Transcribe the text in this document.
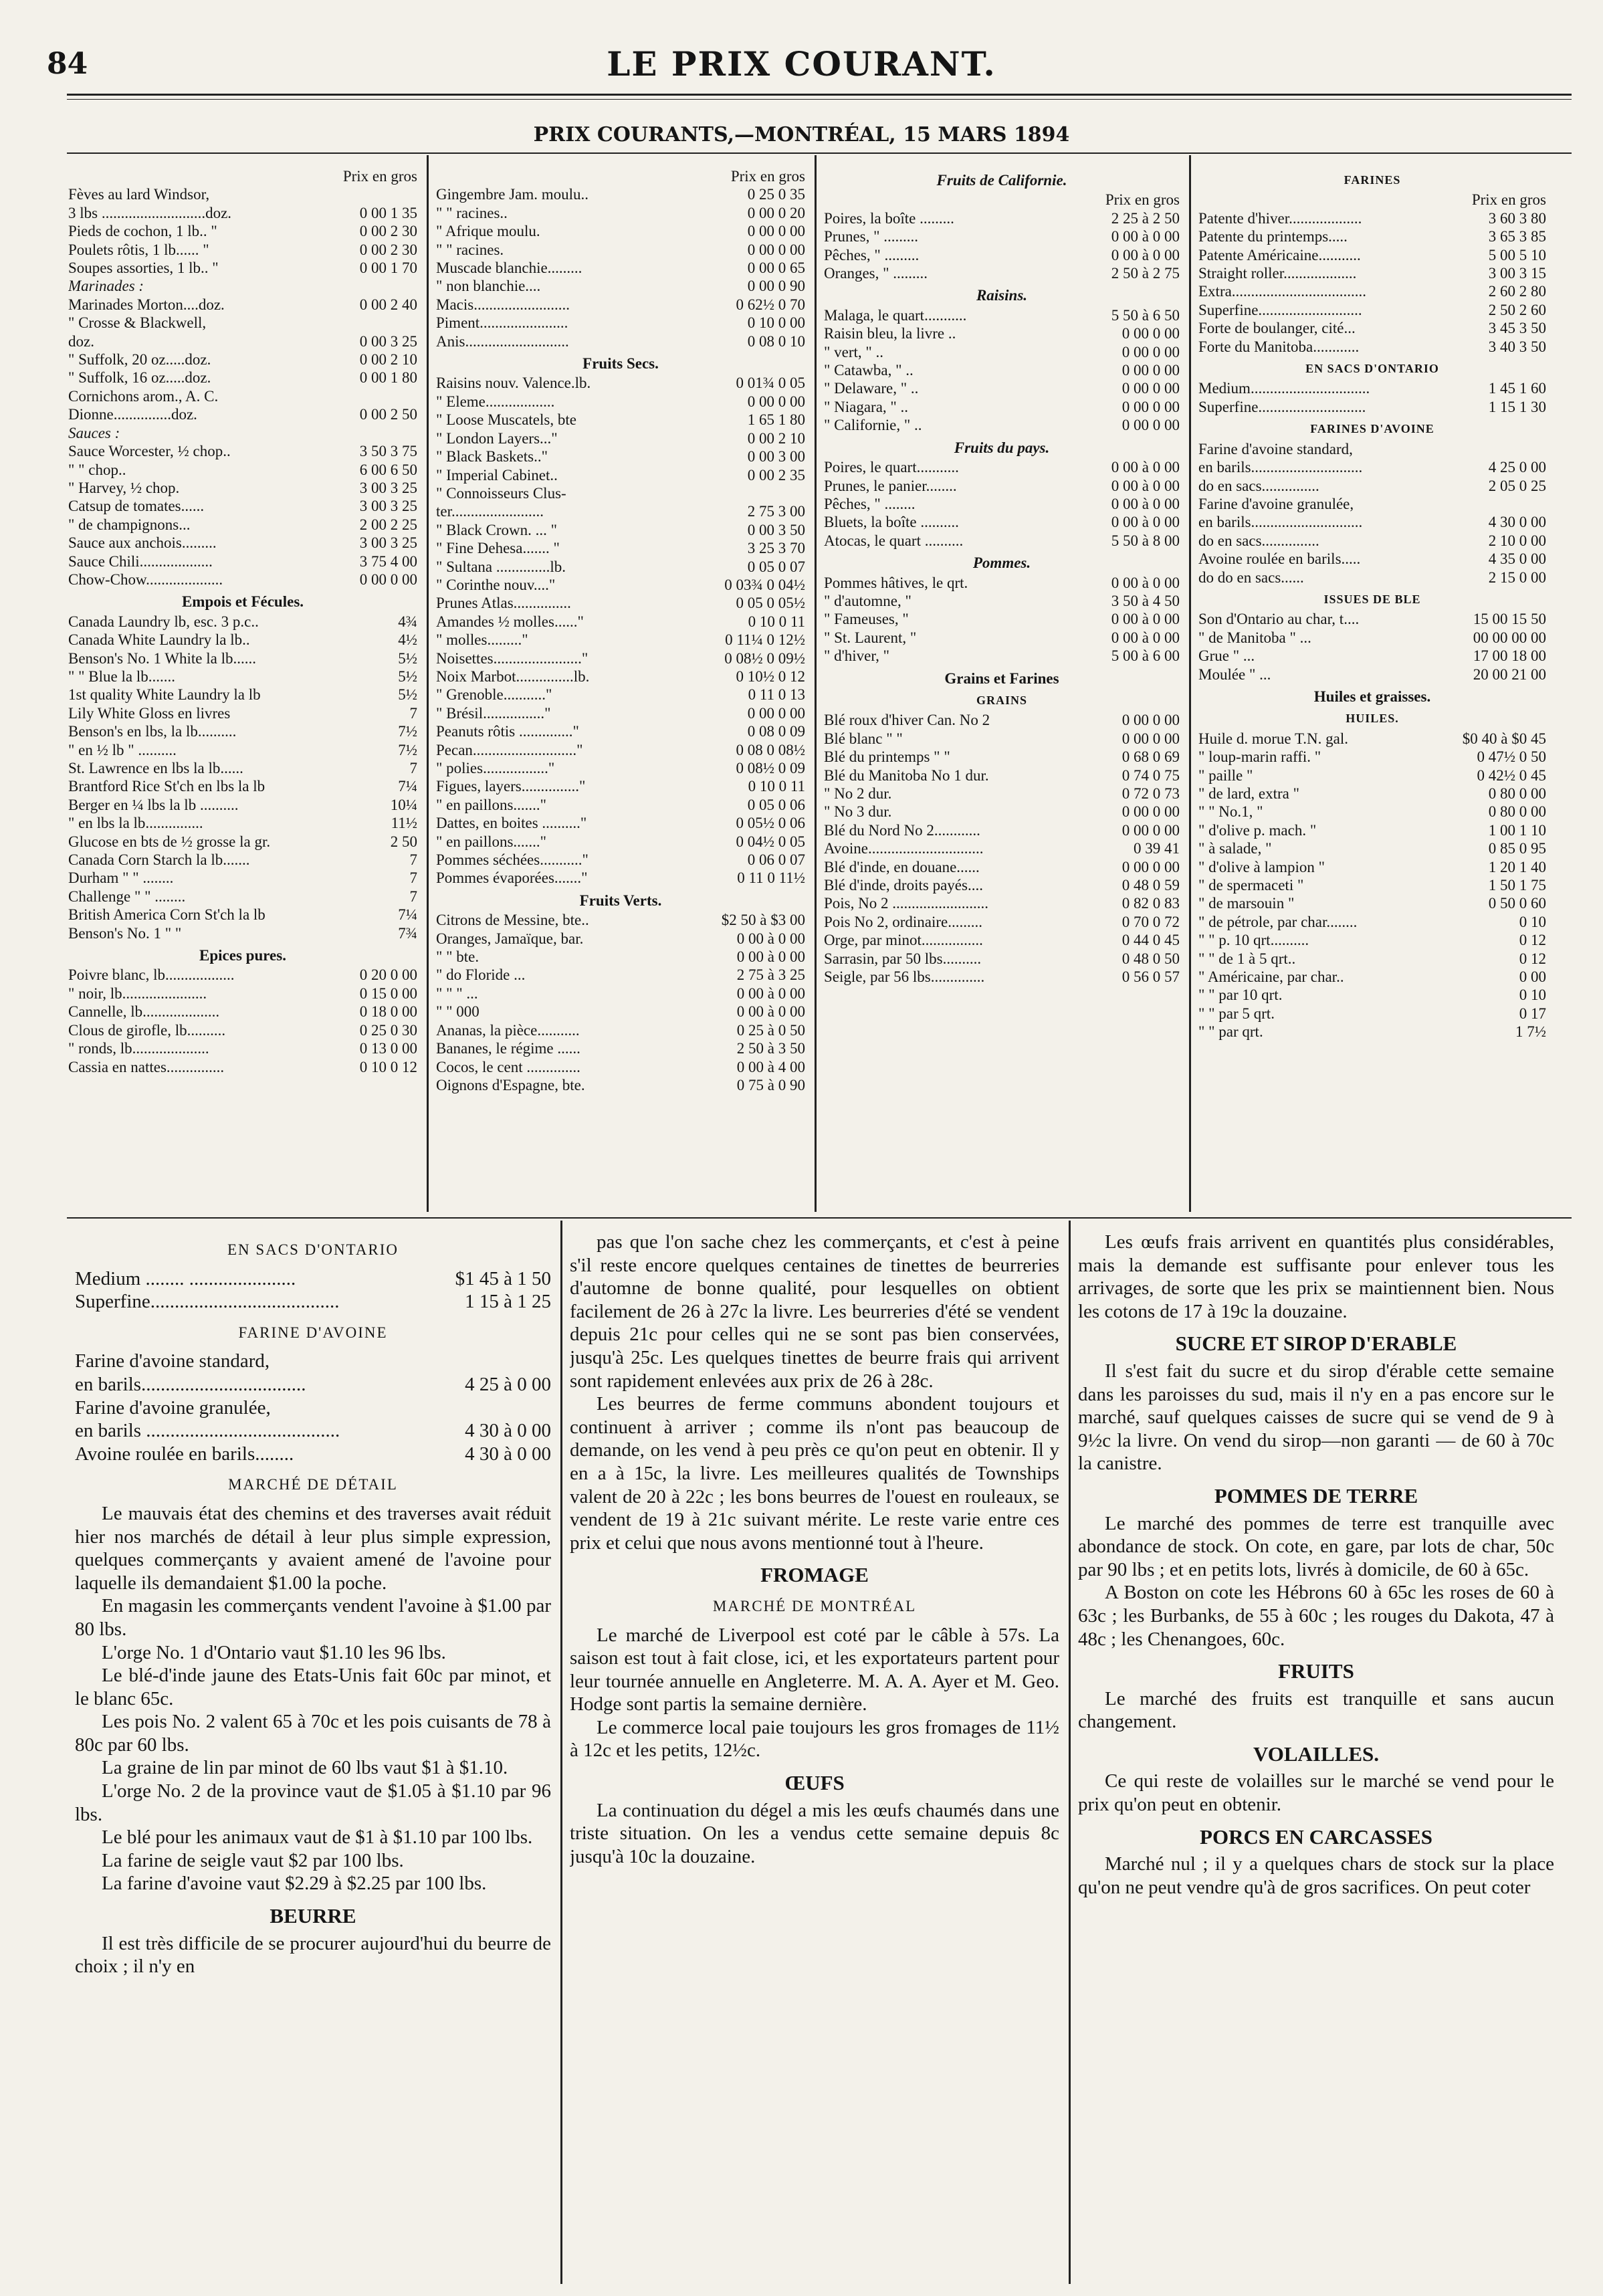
84	LE PRIX COURANT.
PRIX COURANTS,—MONTRÉAL, 15 MARS 1894
Prix en gros
Fèves au lard Windsor,
3 lbs ...........................doz.	0 00 1 35
Pieds de cochon, 1 lb.. "	0 00 2 30
Poulets rôtis, 1 lb...... "	0 00 2 30
Soupes assorties, 1 lb.. "	0 00 1 70
Marinades :
Marinades Morton....doz.	0 00 2 40
" Crosse & Blackwell,
doz.	0 00 3 25
" Suffolk, 20 oz.....doz.	0 00 2 10
" Suffolk, 16 oz.....doz.	0 00 1 80
Cornichons arom., A. C.
Dionne...............doz.	0 00 2 50
Sauces :
Sauce Worcester, ½ chop..	3 50 3 75
" " chop..	6 00 6 50
" Harvey, ½ chop.	3 00 3 25
Catsup de tomates......	3 00 3 25
" de champignons...	2 00 2 25
Sauce aux anchois.........	3 00 3 25
Sauce Chili...................	3 75 4 00
Chow-Chow....................	0 00 0 00
Empois et Fécules.
Canada Laundry lb, esc. 3 p.c..	4¾
Canada White Laundry la lb..	4½
Benson's No. 1 White la lb......	5½
" " Blue la lb.......	5½
1st quality White Laundry la lb	5½
Lily White Gloss en livres	7
Benson's en lbs, la lb..........	7½
" en ½ lb " ..........	7½
St. Lawrence en lbs la lb......	7
Brantford Rice St'ch en lbs la lb	7¼
Berger en ¼ lbs la lb ..........	10¼
" en lbs la lb...............	11½
Glucose en bts de ½ grosse la gr.	2 50
Canada Corn Starch la lb.......	7
Durham " " ........	7
Challenge " " ........	7
British America Corn St'ch la lb	7¼
Benson's No. 1 " "	7¾
Epices pures.
Poivre blanc, lb..................	0 20 0 00
" noir, lb......................	0 15 0 00
Cannelle, lb....................	0 18 0 00
Clous de girofle, lb..........	0 25 0 30
" ronds, lb....................	0 13 0 00
Cassia en nattes...............	0 10 0 12
Prix en gros
Gingembre Jam. moulu..	0 25 0 35
" " racines..	0 00 0 20
" Afrique moulu.	0 00 0 00
" " racines.	0 00 0 00
Muscade blanchie.........	0 00 0 65
" non blanchie....	0 00 0 90
Macis.........................	0 62½ 0 70
Piment.......................	0 10 0 00
Anis...........................	0 08 0 10
Fruits Secs.
Raisins nouv. Valence.lb.	0 01¾ 0 05
" Eleme..................	0 00 0 00
" Loose Muscatels, bte	1 65 1 80
" London Layers..."	0 00 2 10
" Black Baskets.."	0 00 3 00
" Imperial Cabinet..	0 00 2 35
" Connoisseurs Clus-
ter........................	2 75 3 00
" Black Crown. ... "	0 00 3 50
" Fine Dehesa....... "	3 25 3 70
" Sultana ..............lb.	0 05 0 07
" Corinthe nouv...."	0 03¾ 0 04½
Prunes Atlas...............	0 05 0 05½
Amandes ½ molles......"	0 10 0 11
" molles........."	0 11¼ 0 12½
Noisettes......................."	0 08½ 0 09½
Noix Marbot...............lb.	0 10½ 0 12
" Grenoble..........."	0 11 0 13
" Brésil................"	0 00 0 00
Peanuts rôtis .............."	0 08 0 09
Pecan..........................."	0 08 0 08½
" polies................."	0 08½ 0 09
Figues, layers..............."	0 10 0 11
" en paillons......."	0 05 0 06
Dattes, en boites .........."	0 05½ 0 06
" en paillons......."	0 04½ 0 05
Pommes séchées..........."	0 06 0 07
Pommes évaporées......."	0 11 0 11½
Fruits Verts.
Citrons de Messine, bte..	$2 50 à $3 00
Oranges, Jamaïque, bar.	0 00 à 0 00
" " bte.	0 00 à 0 00
" do Floride ...	2 75 à 3 25
" " " ...	0 00 à 0 00
" " 000	0 00 à 0 00
Ananas, la pièce...........	0 25 à 0 50
Bananes, le régime ......	2 50 à 3 50
Cocos, le cent ..............	0 00 à 4 00
Oignons d'Espagne, bte.	0 75 à 0 90
Fruits de Californie.
Prix en gros
Poires, la boîte .........	2 25 à 2 50
Prunes, " .........	0 00 à 0 00
Pêches, " .........	0 00 à 0 00
Oranges, " .........	2 50 à 2 75
Raisins.
Malaga, le quart...........	5 50 à 6 50
Raisin bleu, la livre ..	0 00 0 00
" vert, " ..	0 00 0 00
" Catawba, " ..	0 00 0 00
" Delaware, " ..	0 00 0 00
" Niagara, " ..	0 00 0 00
" Californie, " ..	0 00 0 00
Fruits du pays.
Poires, le quart...........	0 00 à 0 00
Prunes, le panier........	0 00 à 0 00
Pêches, " ........	0 00 à 0 00
Bluets, la boîte ..........	0 00 à 0 00
Atocas, le quart ..........	5 50 à 8 00
Pommes.
Pommes hâtives, le qrt.	0 00 à 0 00
" d'automne, "	3 50 à 4 50
" Fameuses, "	0 00 à 0 00
" St. Laurent, "	0 00 à 0 00
" d'hiver, "	5 00 à 6 00
Grains et Farines
GRAINS
Blé roux d'hiver Can. No 2	0 00 0 00
Blé blanc " "	0 00 0 00
Blé du printemps " "	0 68 0 69
Blé du Manitoba No 1 dur.	0 74 0 75
" No 2 dur.	0 72 0 73
" No 3 dur.	0 00 0 00
Blé du Nord No 2............	0 00 0 00
Avoine..............................	0 39 41
Blé d'inde, en douane......	0 00 0 00
Blé d'inde, droits payés....	0 48 0 59
Pois, No 2 .........................	0 82 0 83
Pois No 2, ordinaire.........	0 70 0 72
Orge, par minot................	0 44 0 45
Sarrasin, par 50 lbs..........	0 48 0 50
Seigle, par 56 lbs..............	0 56 0 57
FARINES
Prix en gros
Patente d'hiver...................	3 60 3 80
Patente du printemps.....	3 65 3 85
Patente Américaine...........	5 00 5 10
Straight roller...................	3 00 3 15
Extra...................................	2 60 2 80
Superfine...........................	2 50 2 60
Forte de boulanger, cité...	3 45 3 50
Forte du Manitoba............	3 40 3 50
EN SACS D'ONTARIO
Medium...............................	1 45 1 60
Superfine............................	1 15 1 30
FARINES D'AVOINE
Farine d'avoine standard,
en barils.............................	4 25 0 00
do en sacs...............	2 05 0 25
Farine d'avoine granulée,
en barils.............................	4 30 0 00
do en sacs...............	2 10 0 00
Avoine roulée en barils.....	4 35 0 00
do do en sacs......	2 15 0 00
ISSUES DE BLE
Son d'Ontario au char, t....	15 00 15 50
" de Manitoba " ...	00 00 00 00
Grue " ...	17 00 18 00
Moulée " ...	20 00 21 00
Huiles et graisses.
HUILES.
Huile d. morue T.N. gal.	$0 40 à $0 45
" loup-marin raffi. "	0 47½ 0 50
" paille "	0 42½ 0 45
" de lard, extra "	0 80 0 00
" " No.1, "	0 80 0 00
" d'olive p. mach. "	1 00 1 10
" à salade, "	0 85 0 95
" d'olive à lampion "	1 20 1 40
" de spermaceti "	1 50 1 75
" de marsouin "	0 50 0 60
" de pétrole, par char........	0 10
" " p. 10 qrt..........	0 12
" " de 1 à 5 qrt..	0 12
" Américaine, par char..	0 00
" " par 10 qrt.	0 10
" " par 5 qrt.	0 17
" " par qrt.	1 7½
EN SACS D'ONTARIO
Medium ........ ......................	$1 45 à 1 50
Superfine.......................................	1 15 à 1 25
FARINE D'AVOINE
Farine d'avoine standard,
en barils..................................	4 25 à 0 00
Farine d'avoine granulée,
en barils ........................................	4 30 à 0 00
Avoine roulée en barils........	4 30 à 0 00
MARCHÉ DE DÉTAIL

Le mauvais état des chemins et des traverses avait réduit hier nos marchés de détail à leur plus simple expression, quelques commerçants y avaient amené de l'avoine pour laquelle ils demandaient $1.00 la poche.

En magasin les commerçants vendent l'avoine à $1.00 par 80 lbs.

L'orge No. 1 d'Ontario vaut $1.10 les 96 lbs.

Le blé-d'inde jaune des Etats-Unis fait 60c par minot, et le blanc 65c.

Les pois No. 2 valent 65 à 70c et les pois cuisants de 78 à 80c par 60 lbs.

La graine de lin par minot de 60 lbs vaut $1 à $1.10.

L'orge No. 2 de la province vaut de $1.05 à $1.10 par 96 lbs.

Le blé pour les animaux vaut de $1 à $1.10 par 100 lbs.

La farine de seigle vaut $2 par 100 lbs.

La farine d'avoine vaut $2.29 à $2.25 par 100 lbs.

BEURRE

Il est très difficile de se procurer aujourd'hui du beurre de choix ; il n'y en

pas que l'on sache chez les commerçants, et c'est à peine s'il reste encore quelques centaines de tinettes de beurreries d'automne de bonne qualité, pour lesquelles on obtient facilement de 26 à 27c la livre. Les beurreries d'été se vendent depuis 21c pour celles qui ne se sont pas bien conservées, jusqu'à 25c. Les quelques tinettes de beurre frais qui arrivent sont rapidement enlevées aux prix de 26 à 28c.

Les beurres de ferme communs abondent toujours et continuent à arriver ; comme ils n'ont pas beaucoup de demande, on les vend à peu près ce qu'on peut en obtenir. Il y en a à 15c, la livre. Les meilleures qualités de Townships valent de 20 à 22c ; les bons beurres de l'ouest en rouleaux, se vendent de 19 à 21c suivant mérite. Le reste varie entre ces prix et celui que nous avons mentionné tout à l'heure.

FROMAGE
MARCHÉ DE MONTRÉAL

Le marché de Liverpool est coté par le câble à 57s. La saison est tout à fait close, ici, et les exportateurs partent pour leur tournée annuelle en Angleterre. M. A. A. Ayer et M. Geo. Hodge sont partis la semaine dernière.

Le commerce local paie toujours les gros fromages de 11½ à 12c et les petits, 12½c.

ŒUFS

La continuation du dégel a mis les œufs chaumés dans une triste situation. On les a vendus cette semaine depuis 8c jusqu'à 10c la douzaine.

Les œufs frais arrivent en quantités plus considérables, mais la demande est suffisante pour enlever tous les arrivages, de sorte que les prix se maintiennent bien. Nous les cotons de 17 à 19c la douzaine.

SUCRE ET SIROP D'ERABLE

Il s'est fait du sucre et du sirop d'érable cette semaine dans les paroisses du sud, mais il n'y en a pas encore sur le marché, sauf quelques caisses de sucre qui se vend de 9 à 9½c la livre. On vend du sirop—non garanti — de 60 à 70c la canistre.

POMMES DE TERRE

Le marché des pommes de terre est tranquille avec abondance de stock. On cote, en gare, par lots de char, 50c par 90 lbs ; et en petits lots, livrés à domicile, de 60 à 65c.

A Boston on cote les Hébrons 60 à 65c les roses de 60 à 63c ; les Burbanks, de 55 à 60c ; les rouges du Dakota, 47 à 48c ; les Chenangoes, 60c.

FRUITS

Le marché des fruits est tranquille et sans aucun changement.

VOLAILLES.

Ce qui reste de volailles sur le marché se vend pour le prix qu'on peut en obtenir.

PORCS EN CARCASSES

Marché nul ; il y a quelques chars de stock sur la place qu'on ne peut vendre qu'à de gros sacrifices. On peut coter
